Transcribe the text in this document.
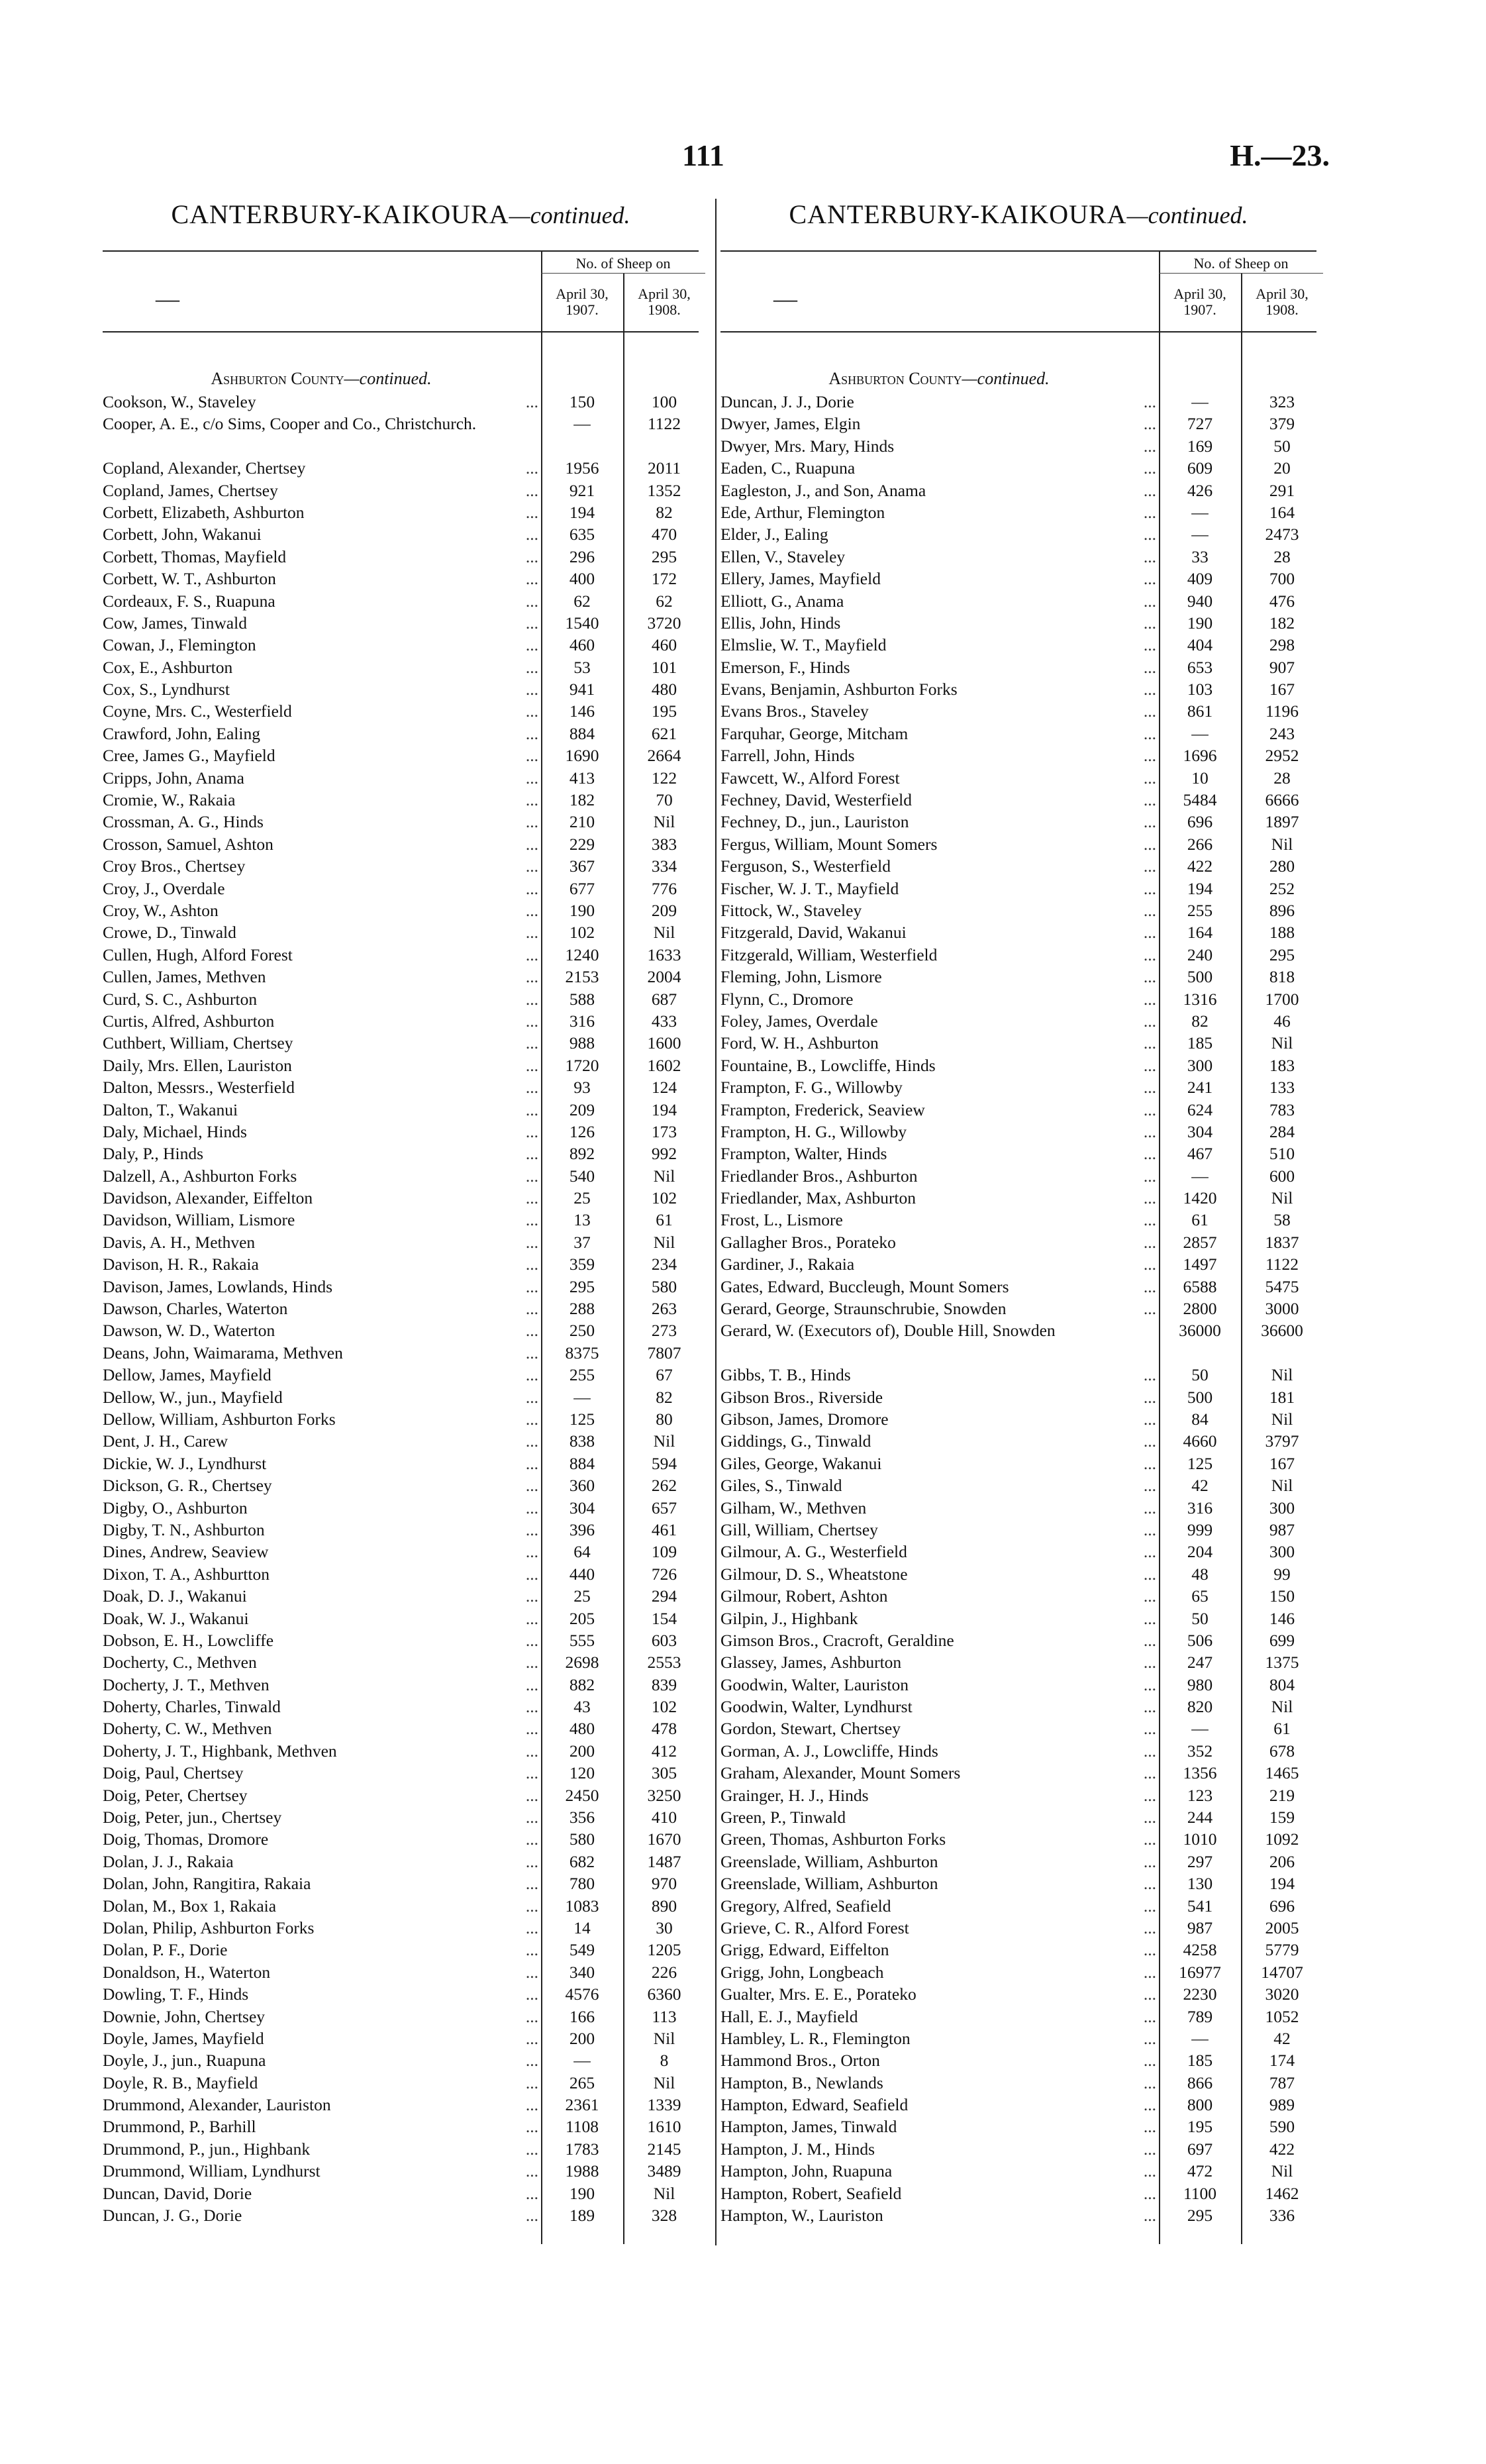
111	H.—23.
CANTERBURY-KAIKOURA—continued.
No. of Sheep on
April 30, 1907.
April 30, 1908.
—
Ashburton County—continued.
Cookson, W., Staveley	...	150	100
Cooper, A. E., c/o Sims, Cooper and Co., Christchurch.	—	1122
Copland, Alexander, Chertsey	...	1956	2011
Copland, James, Chertsey	...	921	1352
Corbett, Elizabeth, Ashburton	...	194	82
Corbett, John, Wakanui	...	635	470
Corbett, Thomas, Mayfield	...	296	295
Corbett, W. T., Ashburton	...	400	172
Cordeaux, F. S., Ruapuna	...	62	62
Cow, James, Tinwald	...	1540	3720
Cowan, J., Flemington	...	460	460
Cox, E., Ashburton	...	53	101
Cox, S., Lyndhurst	...	941	480
Coyne, Mrs. C., Westerfield	...	146	195
Crawford, John, Ealing	...	884	621
Cree, James G., Mayfield	...	1690	2664
Cripps, John, Anama	...	413	122
Cromie, W., Rakaia	...	182	70
Crossman, A. G., Hinds	...	210	Nil
Crosson, Samuel, Ashton	...	229	383
Croy Bros., Chertsey	...	367	334
Croy, J., Overdale	...	677	776
Croy, W., Ashton	...	190	209
Crowe, D., Tinwald	...	102	Nil
Cullen, Hugh, Alford Forest	...	1240	1633
Cullen, James, Methven	...	2153	2004
Curd, S. C., Ashburton	...	588	687
Curtis, Alfred, Ashburton	...	316	433
Cuthbert, William, Chertsey	...	988	1600
Daily, Mrs. Ellen, Lauriston	...	1720	1602
Dalton, Messrs., Westerfield	...	93	124
Dalton, T., Wakanui	...	209	194
Daly, Michael, Hinds	...	126	173
Daly, P., Hinds	...	892	992
Dalzell, A., Ashburton Forks	...	540	Nil
Davidson, Alexander, Eiffelton	...	25	102
Davidson, William, Lismore	...	13	61
Davis, A. H., Methven	...	37	Nil
Davison, H. R., Rakaia	...	359	234
Davison, James, Lowlands, Hinds	...	295	580
Dawson, Charles, Waterton	...	288	263
Dawson, W. D., Waterton	...	250	273
Deans, John, Waimarama, Methven	...	8375	7807
Dellow, James, Mayfield	...	255	67
Dellow, W., jun., Mayfield	...	—	82
Dellow, William, Ashburton Forks	...	125	80
Dent, J. H., Carew	...	838	Nil
Dickie, W. J., Lyndhurst	...	884	594
Dickson, G. R., Chertsey	...	360	262
Digby, O., Ashburton	...	304	657
Digby, T. N., Ashburton	...	396	461
Dines, Andrew, Seaview	...	64	109
Dixon, T. A., Ashburtton	...	440	726
Doak, D. J., Wakanui	...	25	294
Doak, W. J., Wakanui	...	205	154
Dobson, E. H., Lowcliffe	...	555	603
Docherty, C., Methven	...	2698	2553
Docherty, J. T., Methven	...	882	839
Doherty, Charles, Tinwald	...	43	102
Doherty, C. W., Methven	...	480	478
Doherty, J. T., Highbank, Methven	...	200	412
Doig, Paul, Chertsey	...	120	305
Doig, Peter, Chertsey	...	2450	3250
Doig, Peter, jun., Chertsey	...	356	410
Doig, Thomas, Dromore	...	580	1670
Dolan, J. J., Rakaia	...	682	1487
Dolan, John, Rangitira, Rakaia	...	780	970
Dolan, M., Box 1, Rakaia	...	1083	890
Dolan, Philip, Ashburton Forks	...	14	30
Dolan, P. F., Dorie	...	549	1205
Donaldson, H., Waterton	...	340	226
Dowling, T. F., Hinds	...	4576	6360
Downie, John, Chertsey	...	166	113
Doyle, James, Mayfield	...	200	Nil
Doyle, J., jun., Ruapuna	...	—	8
Doyle, R. B., Mayfield	...	265	Nil
Drummond, Alexander, Lauriston	...	2361	1339
Drummond, P., Barhill	...	1108	1610
Drummond, P., jun., Highbank	...	1783	2145
Drummond, William, Lyndhurst	...	1988	3489
Duncan, David, Dorie	...	190	Nil
Duncan, J. G., Dorie	...	189	328
CANTERBURY-KAIKOURA—continued.
No. of Sheep on
April 30, 1907.
April 30, 1908.
—
Ashburton County—continued.
Duncan, J. J., Dorie	...	—	323
Dwyer, James, Elgin	...	727	379
Dwyer, Mrs. Mary, Hinds	...	169	50
Eaden, C., Ruapuna	...	609	20
Eagleston, J., and Son, Anama	...	426	291
Ede, Arthur, Flemington	...	—	164
Elder, J., Ealing	...	—	2473
Ellen, V., Staveley	...	33	28
Ellery, James, Mayfield	...	409	700
Elliott, G., Anama	...	940	476
Ellis, John, Hinds	...	190	182
Elmslie, W. T., Mayfield	...	404	298
Emerson, F., Hinds	...	653	907
Evans, Benjamin, Ashburton Forks	...	103	167
Evans Bros., Staveley	...	861	1196
Farquhar, George, Mitcham	...	—	243
Farrell, John, Hinds	...	1696	2952
Fawcett, W., Alford Forest	...	10	28
Fechney, David, Westerfield	...	5484	6666
Fechney, D., jun., Lauriston	...	696	1897
Fergus, William, Mount Somers	...	266	Nil
Ferguson, S., Westerfield	...	422	280
Fischer, W. J. T., Mayfield	...	194	252
Fittock, W., Staveley	...	255	896
Fitzgerald, David, Wakanui	...	164	188
Fitzgerald, William, Westerfield	...	240	295
Fleming, John, Lismore	...	500	818
Flynn, C., Dromore	...	1316	1700
Foley, James, Overdale	...	82	46
Ford, W. H., Ashburton	...	185	Nil
Fountaine, B., Lowcliffe, Hinds	...	300	183
Frampton, F. G., Willowby	...	241	133
Frampton, Frederick, Seaview	...	624	783
Frampton, H. G., Willowby	...	304	284
Frampton, Walter, Hinds	...	467	510
Friedlander Bros., Ashburton	...	—	600
Friedlander, Max, Ashburton	...	1420	Nil
Frost, L., Lismore	...	61	58
Gallagher Bros., Porateko	...	2857	1837
Gardiner, J., Rakaia	...	1497	1122
Gates, Edward, Buccleugh, Mount Somers	...	6588	5475
Gerard, George, Straunschrubie, Snowden	...	2800	3000
Gerard, W. (Executors of), Double Hill, Snowden	36000	36600
Gibbs, T. B., Hinds	...	50	Nil
Gibson Bros., Riverside	...	500	181
Gibson, James, Dromore	...	84	Nil
Giddings, G., Tinwald	...	4660	3797
Giles, George, Wakanui	...	125	167
Giles, S., Tinwald	...	42	Nil
Gilham, W., Methven	...	316	300
Gill, William, Chertsey	...	999	987
Gilmour, A. G., Westerfield	...	204	300
Gilmour, D. S., Wheatstone	...	48	99
Gilmour, Robert, Ashton	...	65	150
Gilpin, J., Highbank	...	50	146
Gimson Bros., Cracroft, Geraldine	...	506	699
Glassey, James, Ashburton	...	247	1375
Goodwin, Walter, Lauriston	...	980	804
Goodwin, Walter, Lyndhurst	...	820	Nil
Gordon, Stewart, Chertsey	...	—	61
Gorman, A. J., Lowcliffe, Hinds	...	352	678
Graham, Alexander, Mount Somers	...	1356	1465
Grainger, H. J., Hinds	...	123	219
Green, P., Tinwald	...	244	159
Green, Thomas, Ashburton Forks	...	1010	1092
Greenslade, William, Ashburton	...	297	206
Greenslade, William, Ashburton	...	130	194
Gregory, Alfred, Seafield	...	541	696
Grieve, C. R., Alford Forest	...	987	2005
Grigg, Edward, Eiffelton	...	4258	5779
Grigg, John, Longbeach	...	16977	14707
Gualter, Mrs. E. E., Porateko	...	2230	3020
Hall, E. J., Mayfield	...	789	1052
Hambley, L. R., Flemington	...	—	42
Hammond Bros., Orton	...	185	174
Hampton, B., Newlands	...	866	787
Hampton, Edward, Seafield	...	800	989
Hampton, James, Tinwald	...	195	590
Hampton, J. M., Hinds	...	697	422
Hampton, John, Ruapuna	...	472	Nil
Hampton, Robert, Seafield	...	1100	1462
Hampton, W., Lauriston	...	295	336
